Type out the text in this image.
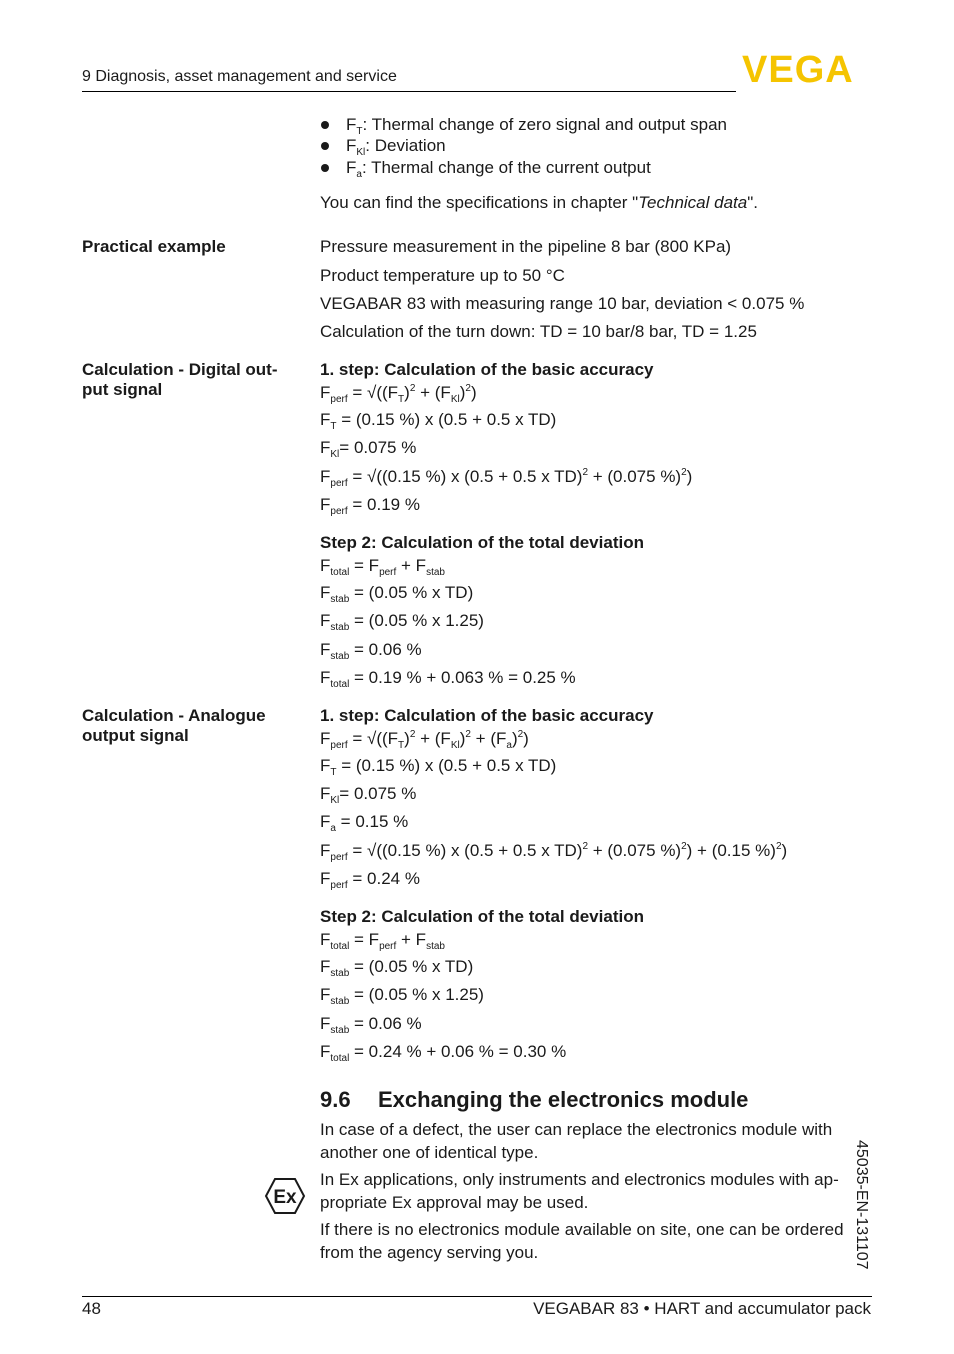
9 Diagnosis, asset management and service	VEGA
$F_T$: Thermal change of zero signal and output span
$F_{Kl}$: Deviation
$F_a$: Thermal change of the current output
You can find the specifications in chapter "Technical data".
Practical example	Pressure measurement in the pipeline 8 bar (800 KPa)
Product temperature up to 50 °C
VEGABAR 83 with measuring range 10 bar, deviation < 0.075 %
Calculation of the turn down: TD = 10 bar/8 bar, TD = 1.25
Calculation - Digital out-
put signal
1. step: Calculation of the basic accuracy
$F_{perf} = √((F_T)^2 + (F_{Kl})^2)$
$F_T = (0.15$ %) x (0.5 + 0.5 x TD)
$F_{Kl}= 0.075$ %
$F_{perf} = √((0.15$ %) x (0.5 + 0.5 x TD)$^2$ + (0.075 %)$^2$)
$F_{perf} = 0.19$ %
Step 2: Calculation of the total deviation
$F_{total} = F_{perf} + F_{stab}$
$F_{stab} = (0.05$ % x TD)
$F_{stab} = (0.05$ % x 1.25)
$F_{stab} = 0.06$ %
$F_{total} = 0.19$ % + 0.063 % = 0.25 %
Calculation - Analogue
output signal
1. step: Calculation of the basic accuracy
$F_{perf} = √((F_T)^2 + (F_{Kl})^2 + (F_a)^2)$
$F_T = (0.15$ %) x (0.5 + 0.5 x TD)
$F_{Kl}= 0.075$ %
$F_a = 0.15$ %
$F_{perf} = √((0.15$ %) x (0.5 + 0.5 x TD)$^2$ + (0.075 %)$^2$) + (0.15 %)$^2$)
$F_{perf} = 0.24$ %
Step 2: Calculation of the total deviation
$F_{total} = F_{perf} + F_{stab}$
$F_{stab} = (0.05$ % x TD)
$F_{stab} = (0.05$ % x 1.25)
$F_{stab} = 0.06$ %
$F_{total} = 0.24$ % + 0.06 % = 0.30 %
9.6 Exchanging the electronics module
In case of a defect, the user can replace the electronics module with another one of identical type.
Ex
In Ex applications, only instruments and electronics modules with ap-propriate Ex approval may be used.
If there is no electronics module available on site, one can be ordered from the agency serving you.	45035-EN-131107
48	VEGABAR 83 • HART and accumulator pack
